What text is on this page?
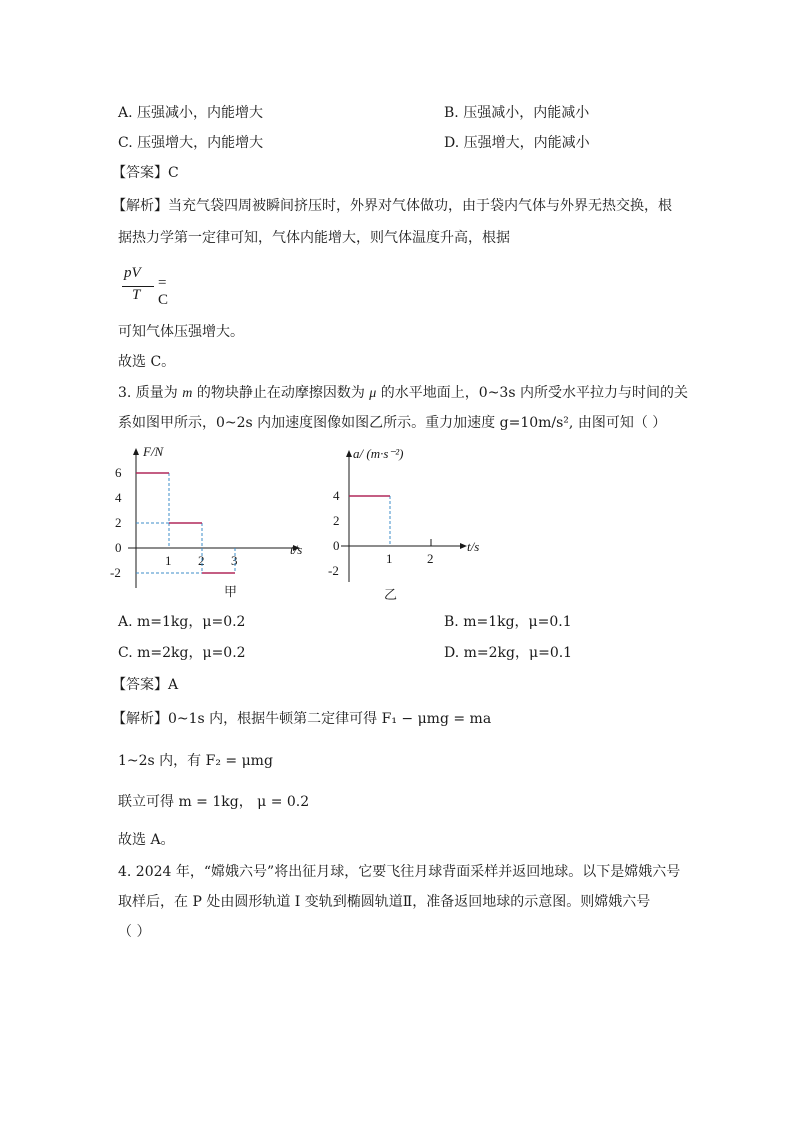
A. 压强减小，内能增大	B. 压强减小，内能减小
C. 压强增大，内能增大	D. 压强增大，内能减小
【答案】C
【解析】当充气袋四周被瞬间挤压时，外界对气体做功，由于袋内气体与外界无热交换，根
据热力学第一定律可知，气体内能增大，则气体温度升高，根据
pV
T
= C
可知气体压强增大。
故选 C。
3. 质量为 m 的物块静止在动摩擦因数为 μ 的水平地面上，0~3s 内所受水平拉力与时间的关
系如图甲所示，0~2s 内加速度图像如图乙所示。重力加速度 g=10m/s², 由图可知（ ）
F/N
t/s
6
4
2
0
-2
1 2 3
甲
a/ (m·s⁻²)
t/s
4
2
0
-2
1	2
乙
A. m=1kg，μ=0.2	B. m=1kg，μ=0.1
C. m=2kg，μ=0.2	D. m=2kg，μ=0.1
【答案】A
【解析】0~1s 内，根据牛顿第二定律可得 F₁ − μmg = ma
1~2s 内，有 F₂ = μmg
联立可得 m = 1kg， μ = 0.2
故选 A。
4. 2024 年，“嫦娥六号”将出征月球，它要飞往月球背面采样并返回地球。以下是嫦娥六号
取样后，在 P 处由圆形轨道 I 变轨到椭圆轨道Ⅱ，准备返回地球的示意图。则嫦娥六号
（ ）
